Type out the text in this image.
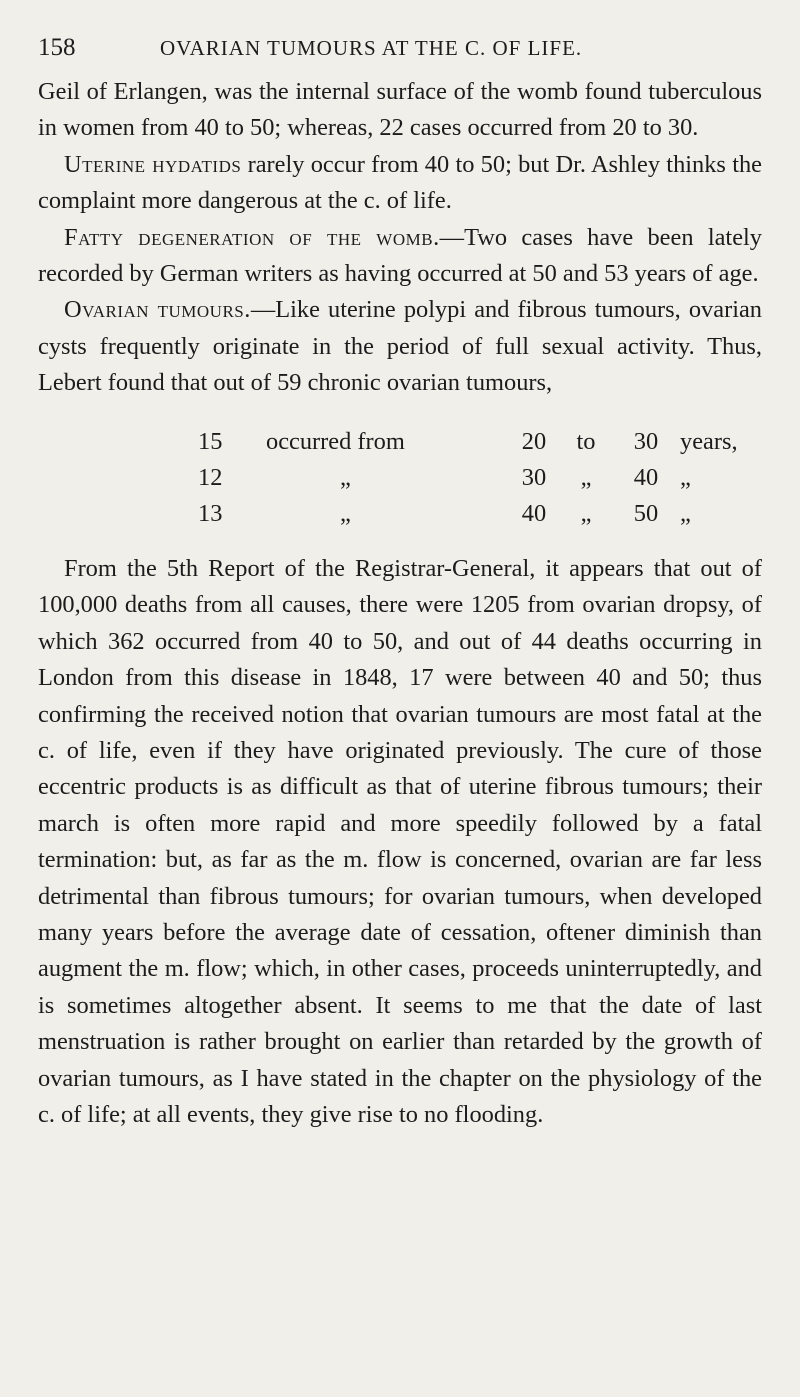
158	OVARIAN TUMOURS AT THE C. OF LIFE.

Geil of Erlangen, was the internal surface of the womb found tuberculous in women from 40 to 50; whereas, 22 cases occurred from 20 to 30.

Uterine hydatids rarely occur from 40 to 50; but Dr. Ashley thinks the complaint more dangerous at the c. of life.

Fatty degeneration of the womb.—Two cases have been lately recorded by German writers as having occurred at 50 and 53 years of age.

Ovarian tumours.—Like uterine polypi and fibrous tumours, ovarian cysts frequently originate in the period of full sexual activity. Thus, Lebert found that out of 59 chronic ovarian tumours,

15	occurred from	20	to	30	years,
12	„	30	„	40	„
13	„	40	„	50	„

From the 5th Report of the Registrar-General, it appears that out of 100,000 deaths from all causes, there were 1205 from ovarian dropsy, of which 362 occurred from 40 to 50, and out of 44 deaths occurring in London from this disease in 1848, 17 were between 40 and 50; thus confirming the received notion that ovarian tumours are most fatal at the c. of life, even if they have originated previously. The cure of those eccentric products is as difficult as that of uterine fibrous tumours; their march is often more rapid and more speedily followed by a fatal termination: but, as far as the m. flow is concerned, ovarian are far less detrimental than fibrous tumours; for ovarian tumours, when developed many years before the average date of cessation, oftener diminish than augment the m. flow; which, in other cases, proceeds uninterruptedly, and is sometimes altogether absent. It seems to me that the date of last menstruation is rather brought on earlier than retarded by the growth of ovarian tumours, as I have stated in the chapter on the physiology of the c. of life; at all events, they give rise to no flooding.
